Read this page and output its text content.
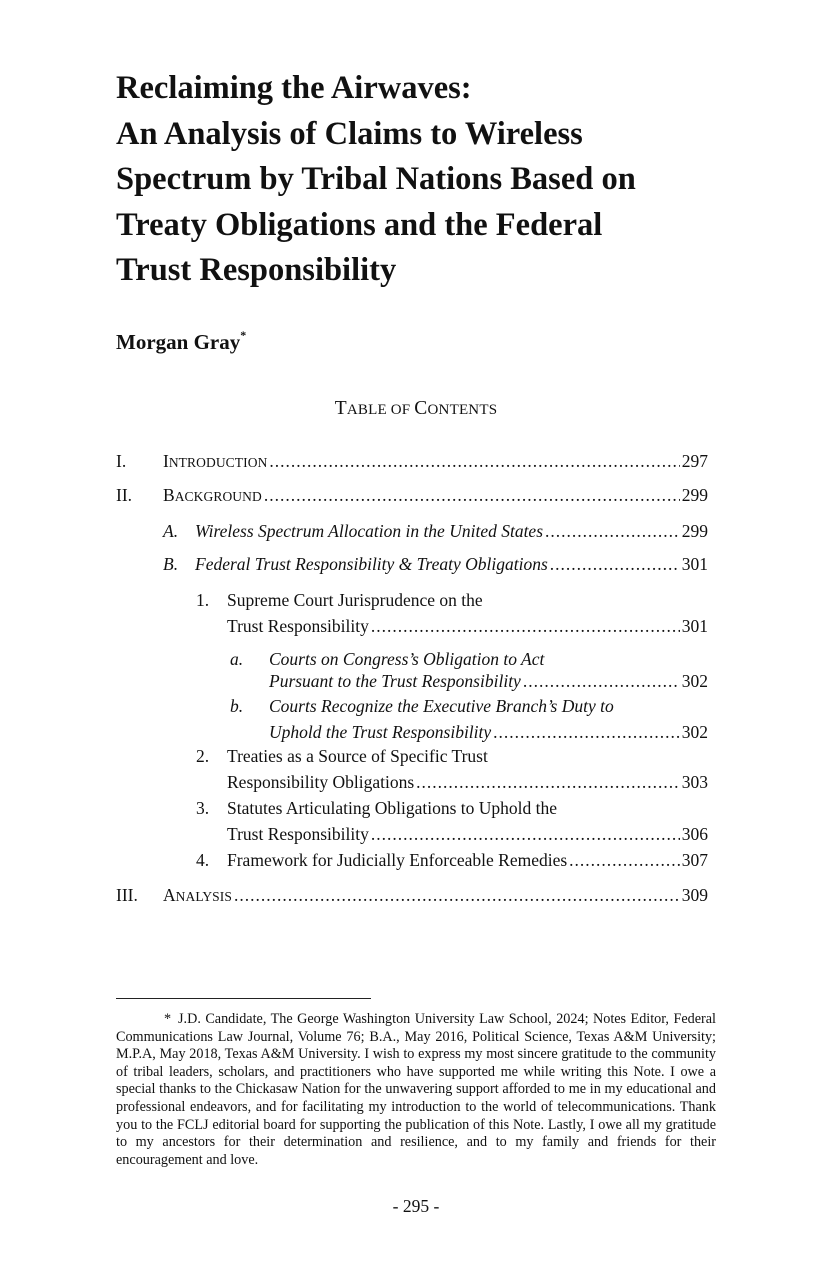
Reclaiming the Airwaves:
An Analysis of Claims to Wireless
Spectrum by Tribal Nations Based on
Treaty Obligations and the Federal
Trust Responsibility
Morgan Gray*
TABLE OF CONTENTS
I. INTRODUCTION .....	297
II. BACKGROUND .....	299
A. Wireless Spectrum Allocation in the United States .....	299
B. Federal Trust Responsibility & Treaty Obligations .....	301
1. Supreme Court Jurisprudence on the
Trust Responsibility .....	301
a. Courts on Congress’s Obligation to Act
Pursuant to the Trust Responsibility .....	302
b. Courts Recognize the Executive Branch’s Duty to
Uphold the Trust Responsibility .....	302
2. Treaties as a Source of Specific Trust
Responsibility Obligations .....	303
3. Statutes Articulating Obligations to Uphold the
Trust Responsibility .....	306
4. Framework for Judicially Enforceable Remedies .....	307
III. ANALYSIS .....	309
* J.D. Candidate, The George Washington University Law School, 2024; Notes Editor, Federal Communications Law Journal, Volume 76; B.A., May 2016, Political Science, Texas A&M University; M.P.A, May 2018, Texas A&M University. I wish to express my most sincere gratitude to the community of tribal leaders, scholars, and practitioners who have supported me while writing this Note. I owe a special thanks to the Chickasaw Nation for the unwavering support afforded to me in my educational and professional endeavors, and for facilitating my introduction to the world of telecommunications. Thank you to the FCLJ editorial board for supporting the publication of this Note. Lastly, I owe all my gratitude to my ancestors for their determination and resilience, and to my family and friends for their encouragement and love.
- 295 -
